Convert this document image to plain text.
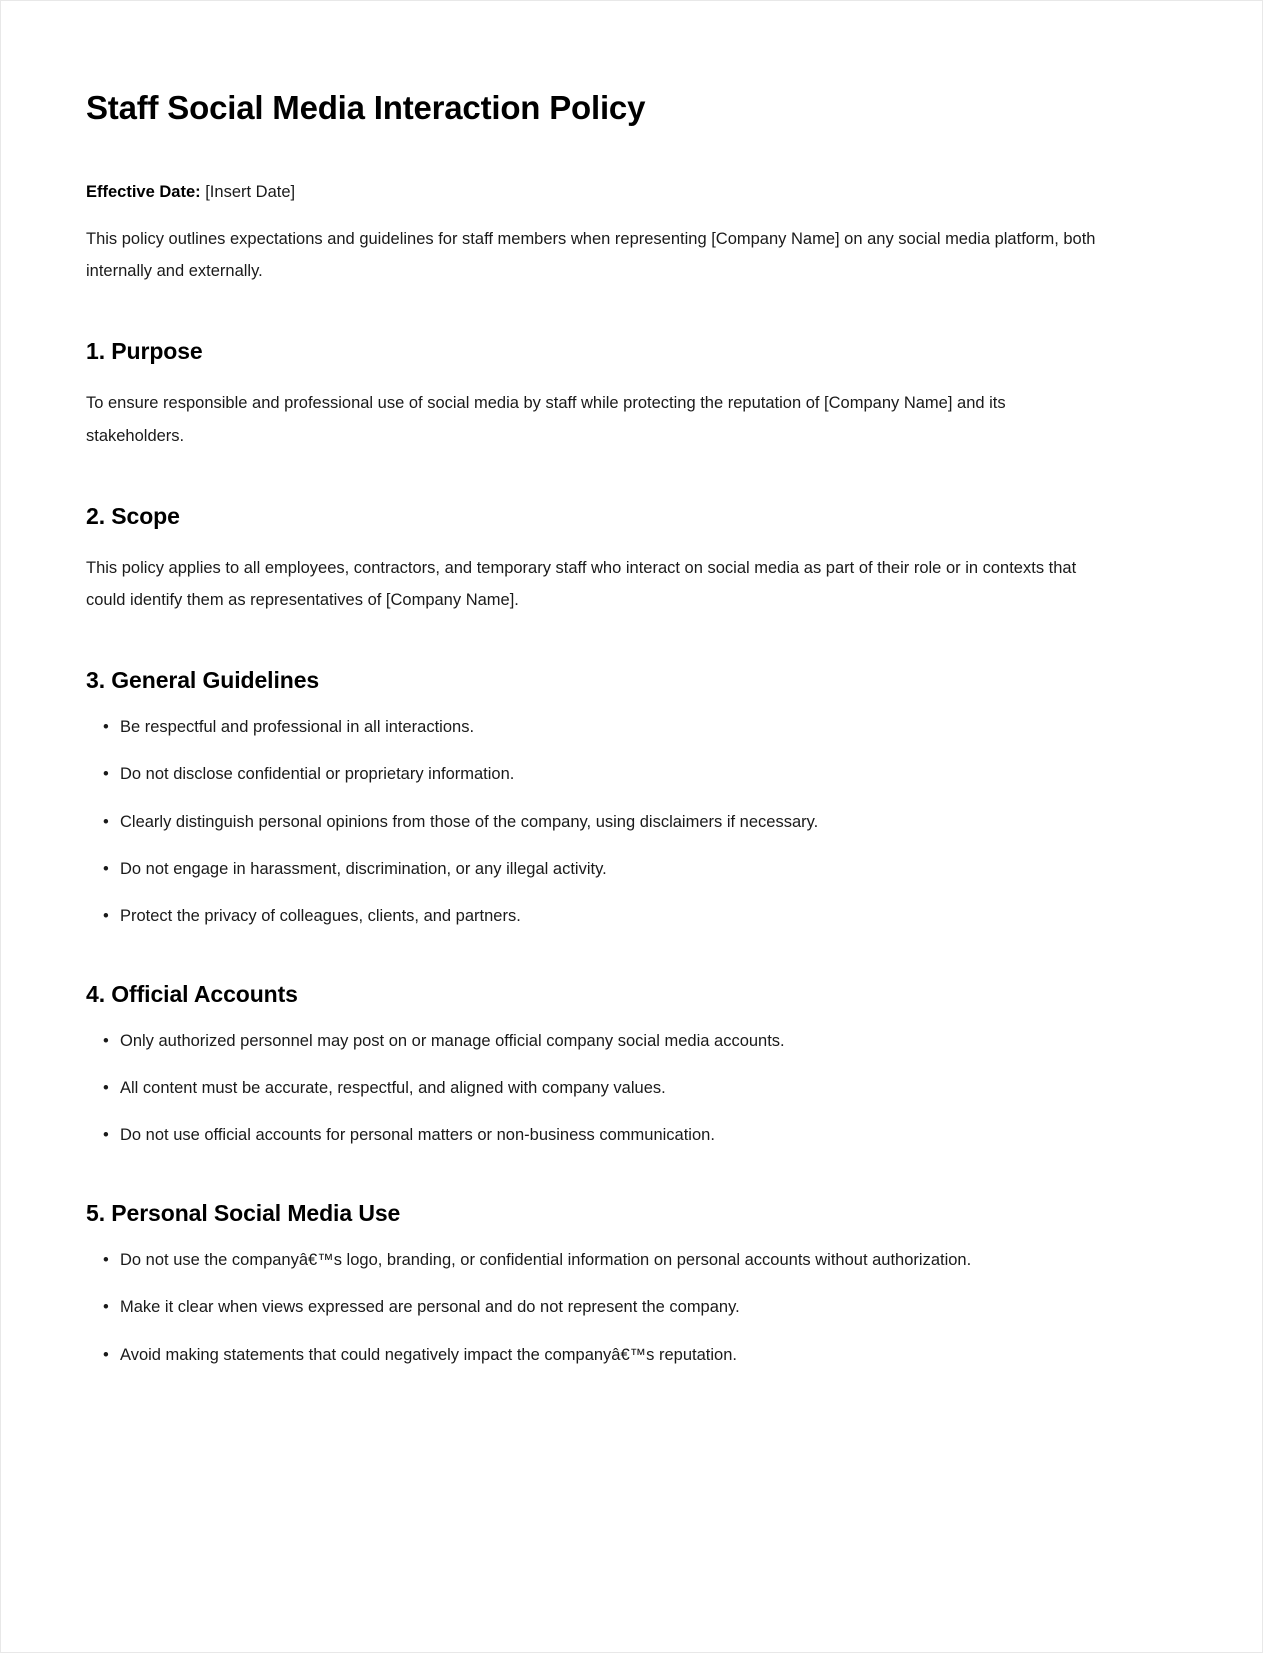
Staff Social Media Interaction Policy

Effective Date: [Insert Date]

This policy outlines expectations and guidelines for staff members when representing [Company Name] on any social media platform, both internally and externally.

1. Purpose

To ensure responsible and professional use of social media by staff while protecting the reputation of [Company Name] and its stakeholders.

2. Scope

This policy applies to all employees, contractors, and temporary staff who interact on social media as part of their role or in contexts that could identify them as representatives of [Company Name].

3. General Guidelines
• Be respectful and professional in all interactions.
• Do not disclose confidential or proprietary information.
• Clearly distinguish personal opinions from those of the company, using disclaimers if necessary.
• Do not engage in harassment, discrimination, or any illegal activity.
• Protect the privacy of colleagues, clients, and partners.
4. Official Accounts
• Only authorized personnel may post on or manage official company social media accounts.
• All content must be accurate, respectful, and aligned with company values.
• Do not use official accounts for personal matters or non-business communication.
5. Personal Social Media Use
• Do not use the companyâ€™s logo, branding, or confidential information on personal accounts without authorization.
• Make it clear when views expressed are personal and do not represent the company.
• Avoid making statements that could negatively impact the companyâ€™s reputation.
